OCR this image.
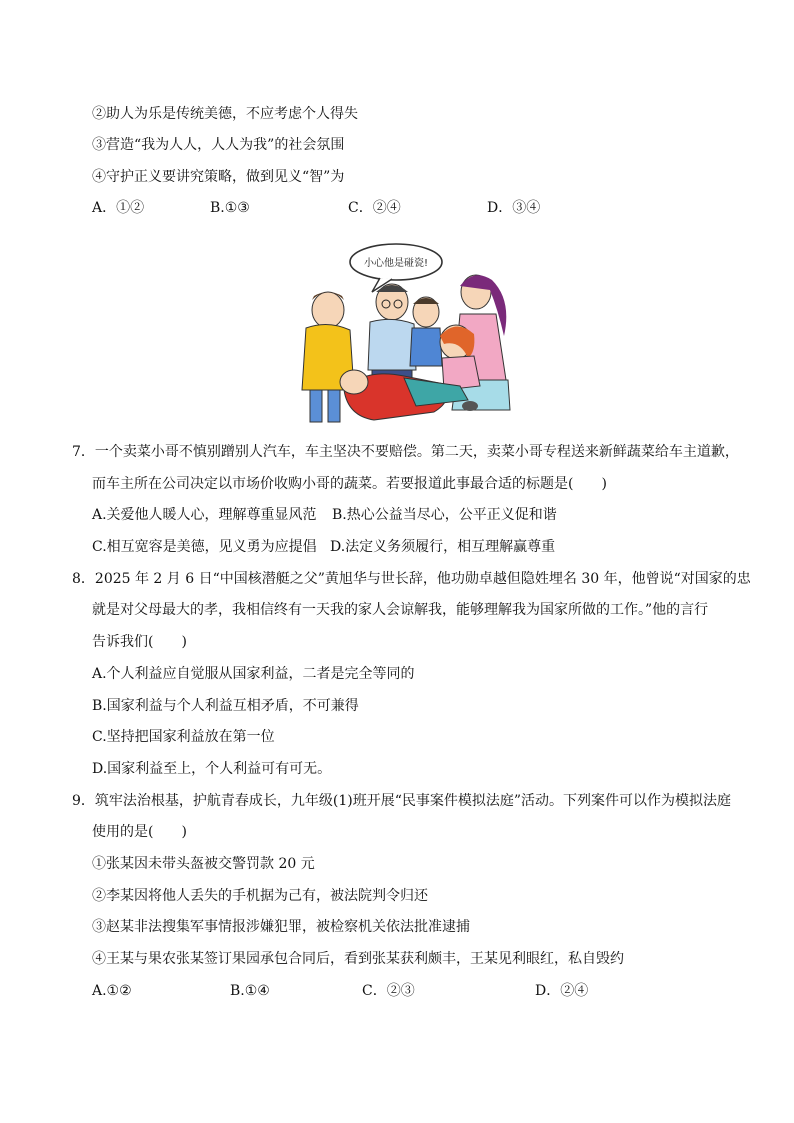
②助人为乐是传统美德，不应考虑个人得失
③营造“我为人人，人人为我”的社会氛围
④守护正义要讲究策略，做到见义“智”为
A．①②	B.①③	C．②④	D．③④
小心他是碰瓷!
7．一个卖菜小哥不慎别蹭别人汽车，车主坚决不要赔偿。第二天，卖菜小哥专程送来新鲜蔬菜给车主道歉，
而车主所在公司决定以市场价收购小哥的蔬菜。若要报道此事最合适的标题是(　　)
A.关爱他人暖人心，理解尊重显风范 B.热心公益当尽心，公平正义促和谐
C.相互宽容是美德，见义勇为应提倡 D.法定义务须履行，相互理解赢尊重
8．2025 年 2 月 6 日“中国核潜艇之父”黄旭华与世长辞，他功勋卓越但隐姓埋名 30 年，他曾说“对国家的忠
就是对父母最大的孝，我相信终有一天我的家人会谅解我，能够理解我为国家所做的工作。”他的言行
告诉我们(　　)
A.个人利益应自觉服从国家利益，二者是完全等同的
B.国家利益与个人利益互相矛盾，不可兼得
C.坚持把国家利益放在第一位
D.国家利益至上，个人利益可有可无。
9．筑牢法治根基，护航青春成长，九年级(1)班开展“民事案件模拟法庭”活动。下列案件可以作为模拟法庭
使用的是(　　)
①张某因未带头盔被交警罚款 20 元
②李某因将他人丢失的手机据为己有，被法院判令归还
③赵某非法搜集军事情报涉嫌犯罪，被检察机关依法批准逮捕
④王某与果农张某签订果园承包合同后，看到张某获利颇丰，王某见利眼红，私自毁约
A.①②	B.①④	C．②③	D．②④
